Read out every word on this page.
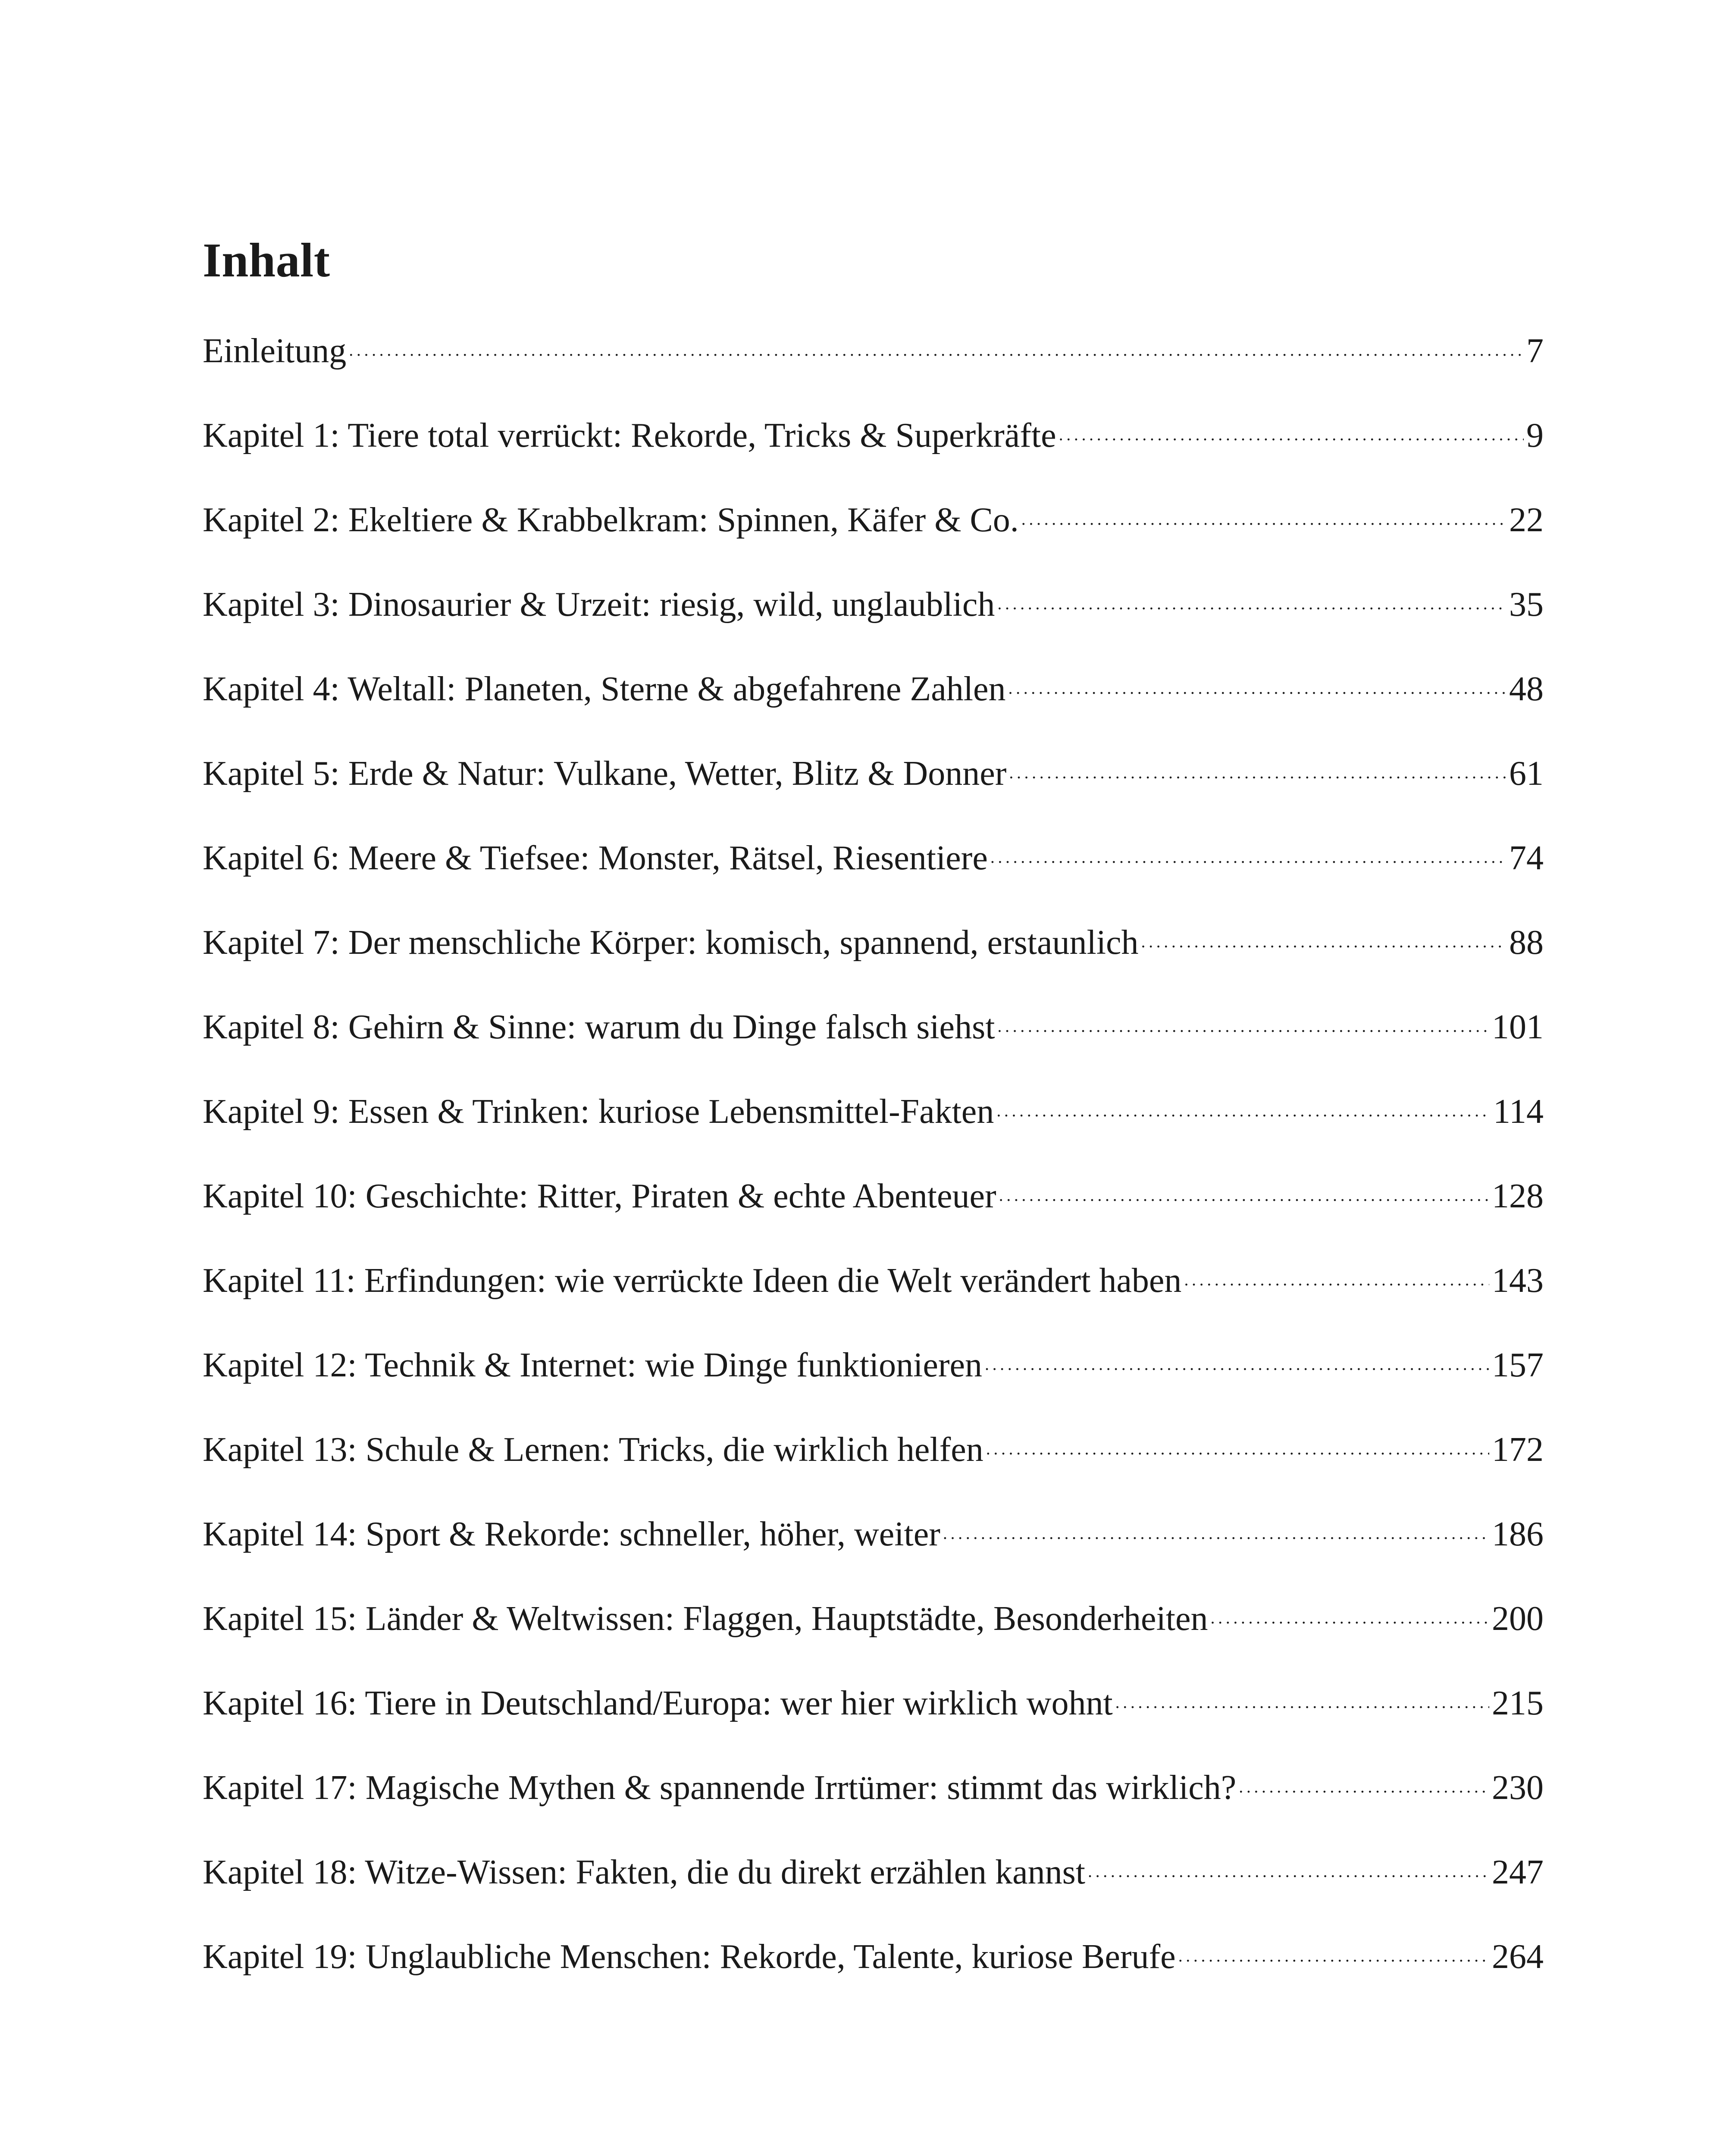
Inhalt
Einleitung . . .	7
Kapitel 1: Tiere total verrückt: Rekorde, Tricks & Superkräfte . . .	9
Kapitel 2: Ekeltiere & Krabbelkram: Spinnen, Käfer & Co. . . .	22
Kapitel 3: Dinosaurier & Urzeit: riesig, wild, unglaublich . . .	35
Kapitel 4: Weltall: Planeten, Sterne & abgefahrene Zahlen . . .	48
Kapitel 5: Erde & Natur: Vulkane, Wetter, Blitz & Donner . . .	61
Kapitel 6: Meere & Tiefsee: Monster, Rätsel, Riesentiere . . .	74
Kapitel 7: Der menschliche Körper: komisch, spannend, erstaunlich . . .	88
Kapitel 8: Gehirn & Sinne: warum du Dinge falsch siehst . . .	101
Kapitel 9: Essen & Trinken: kuriose Lebensmittel-Fakten . . .	114
Kapitel 10: Geschichte: Ritter, Piraten & echte Abenteuer . . .	128
Kapitel 11: Erfindungen: wie verrückte Ideen die Welt verändert haben . . .	143
Kapitel 12: Technik & Internet: wie Dinge funktionieren . . .	157
Kapitel 13: Schule & Lernen: Tricks, die wirklich helfen . . .	172
Kapitel 14: Sport & Rekorde: schneller, höher, weiter . . .	186
Kapitel 15: Länder & Weltwissen: Flaggen, Hauptstädte, Besonderheiten . . .	200
Kapitel 16: Tiere in Deutschland/Europa: wer hier wirklich wohnt . . .	215
Kapitel 17: Magische Mythen & spannende Irrtümer: stimmt das wirklich? . . .	230
Kapitel 18: Witze-Wissen: Fakten, die du direkt erzählen kannst . . .	247
Kapitel 19: Unglaubliche Menschen: Rekorde, Talente, kuriose Berufe . . .	264
